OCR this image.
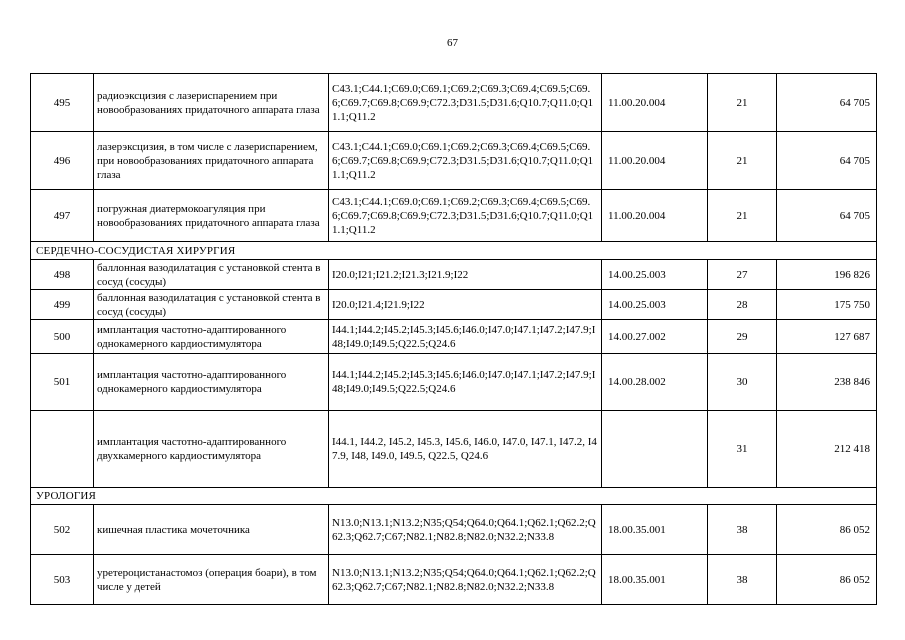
67
495	радиоэксцизия с лазериспарением при новообразованиях придаточного аппарата глаза	C43.1;C44.1;C69.0;C69.1;C69.2;C69.3;C69.4;C69.5;C69.6;C69.7;C69.8;C69.9;C72.3;D31.5;D31.6;Q10.7;Q11.0;Q11.1;Q11.2	11.00.20.004	21	64 705
496	лазерэксцизия, в том числе с лазериспарением, при новообразованиях придаточного аппарата глаза	C43.1;C44.1;C69.0;C69.1;C69.2;C69.3;C69.4;C69.5;C69.6;C69.7;C69.8;C69.9;C72.3;D31.5;D31.6;Q10.7;Q11.0;Q11.1;Q11.2	11.00.20.004	21	64 705
497	погружная диатермокоагуляция при новообразованиях придаточного аппарата глаза	C43.1;C44.1;C69.0;C69.1;C69.2;C69.3;C69.4;C69.5;C69.6;C69.7;C69.8;C69.9;C72.3;D31.5;D31.6;Q10.7;Q11.0;Q11.1;Q11.2	11.00.20.004	21	64 705
СЕРДЕЧНО-СОСУДИСТАЯ ХИРУРГИЯ					
498	баллонная вазодилатация с установкой стента в сосуд (сосуды)	I20.0;I21;I21.2;I21.3;I21.9;I22	14.00.25.003	27	196 826
499	баллонная вазодилатация с установкой стента в сосуд (сосуды)	I20.0;I21.4;I21.9;I22	14.00.25.003	28	175 750
500	имплантация частотно-адаптированного однокамерного кардиостимулятора	I44.1;I44.2;I45.2;I45.3;I45.6;I46.0;I47.0;I47.1;I47.2;I47.9;I48;I49.0;I49.5;Q22.5;Q24.6	14.00.27.002	29	127 687
501	имплантация частотно-адаптированного однокамерного кардиостимулятора	I44.1;I44.2;I45.2;I45.3;I45.6;I46.0;I47.0;I47.1;I47.2;I47.9;I48;I49.0;I49.5;Q22.5;Q24.6	14.00.28.002	30	238 846
	имплантация частотно-адаптированного двухкамерного кардиостимулятора	I44.1, I44.2, I45.2, I45.3, I45.6, I46.0, I47.0, I47.1, I47.2, I47.9, I48, I49.0, I49.5, Q22.5, Q24.6		31	212 418
УРОЛОГИЯ					
502	кишечная пластика мочеточника	N13.0;N13.1;N13.2;N35;Q54;Q64.0;Q64.1;Q62.1;Q62.2;Q62.3;Q62.7;C67;N82.1;N82.8;N82.0;N32.2;N33.8	18.00.35.001	38	86 052
503	уретероцистанастомоз (операция боари), в том числе у детей	N13.0;N13.1;N13.2;N35;Q54;Q64.0;Q64.1;Q62.1;Q62.2;Q62.3;Q62.7;C67;N82.1;N82.8;N82.0;N32.2;N33.8	18.00.35.001	38	86 052
